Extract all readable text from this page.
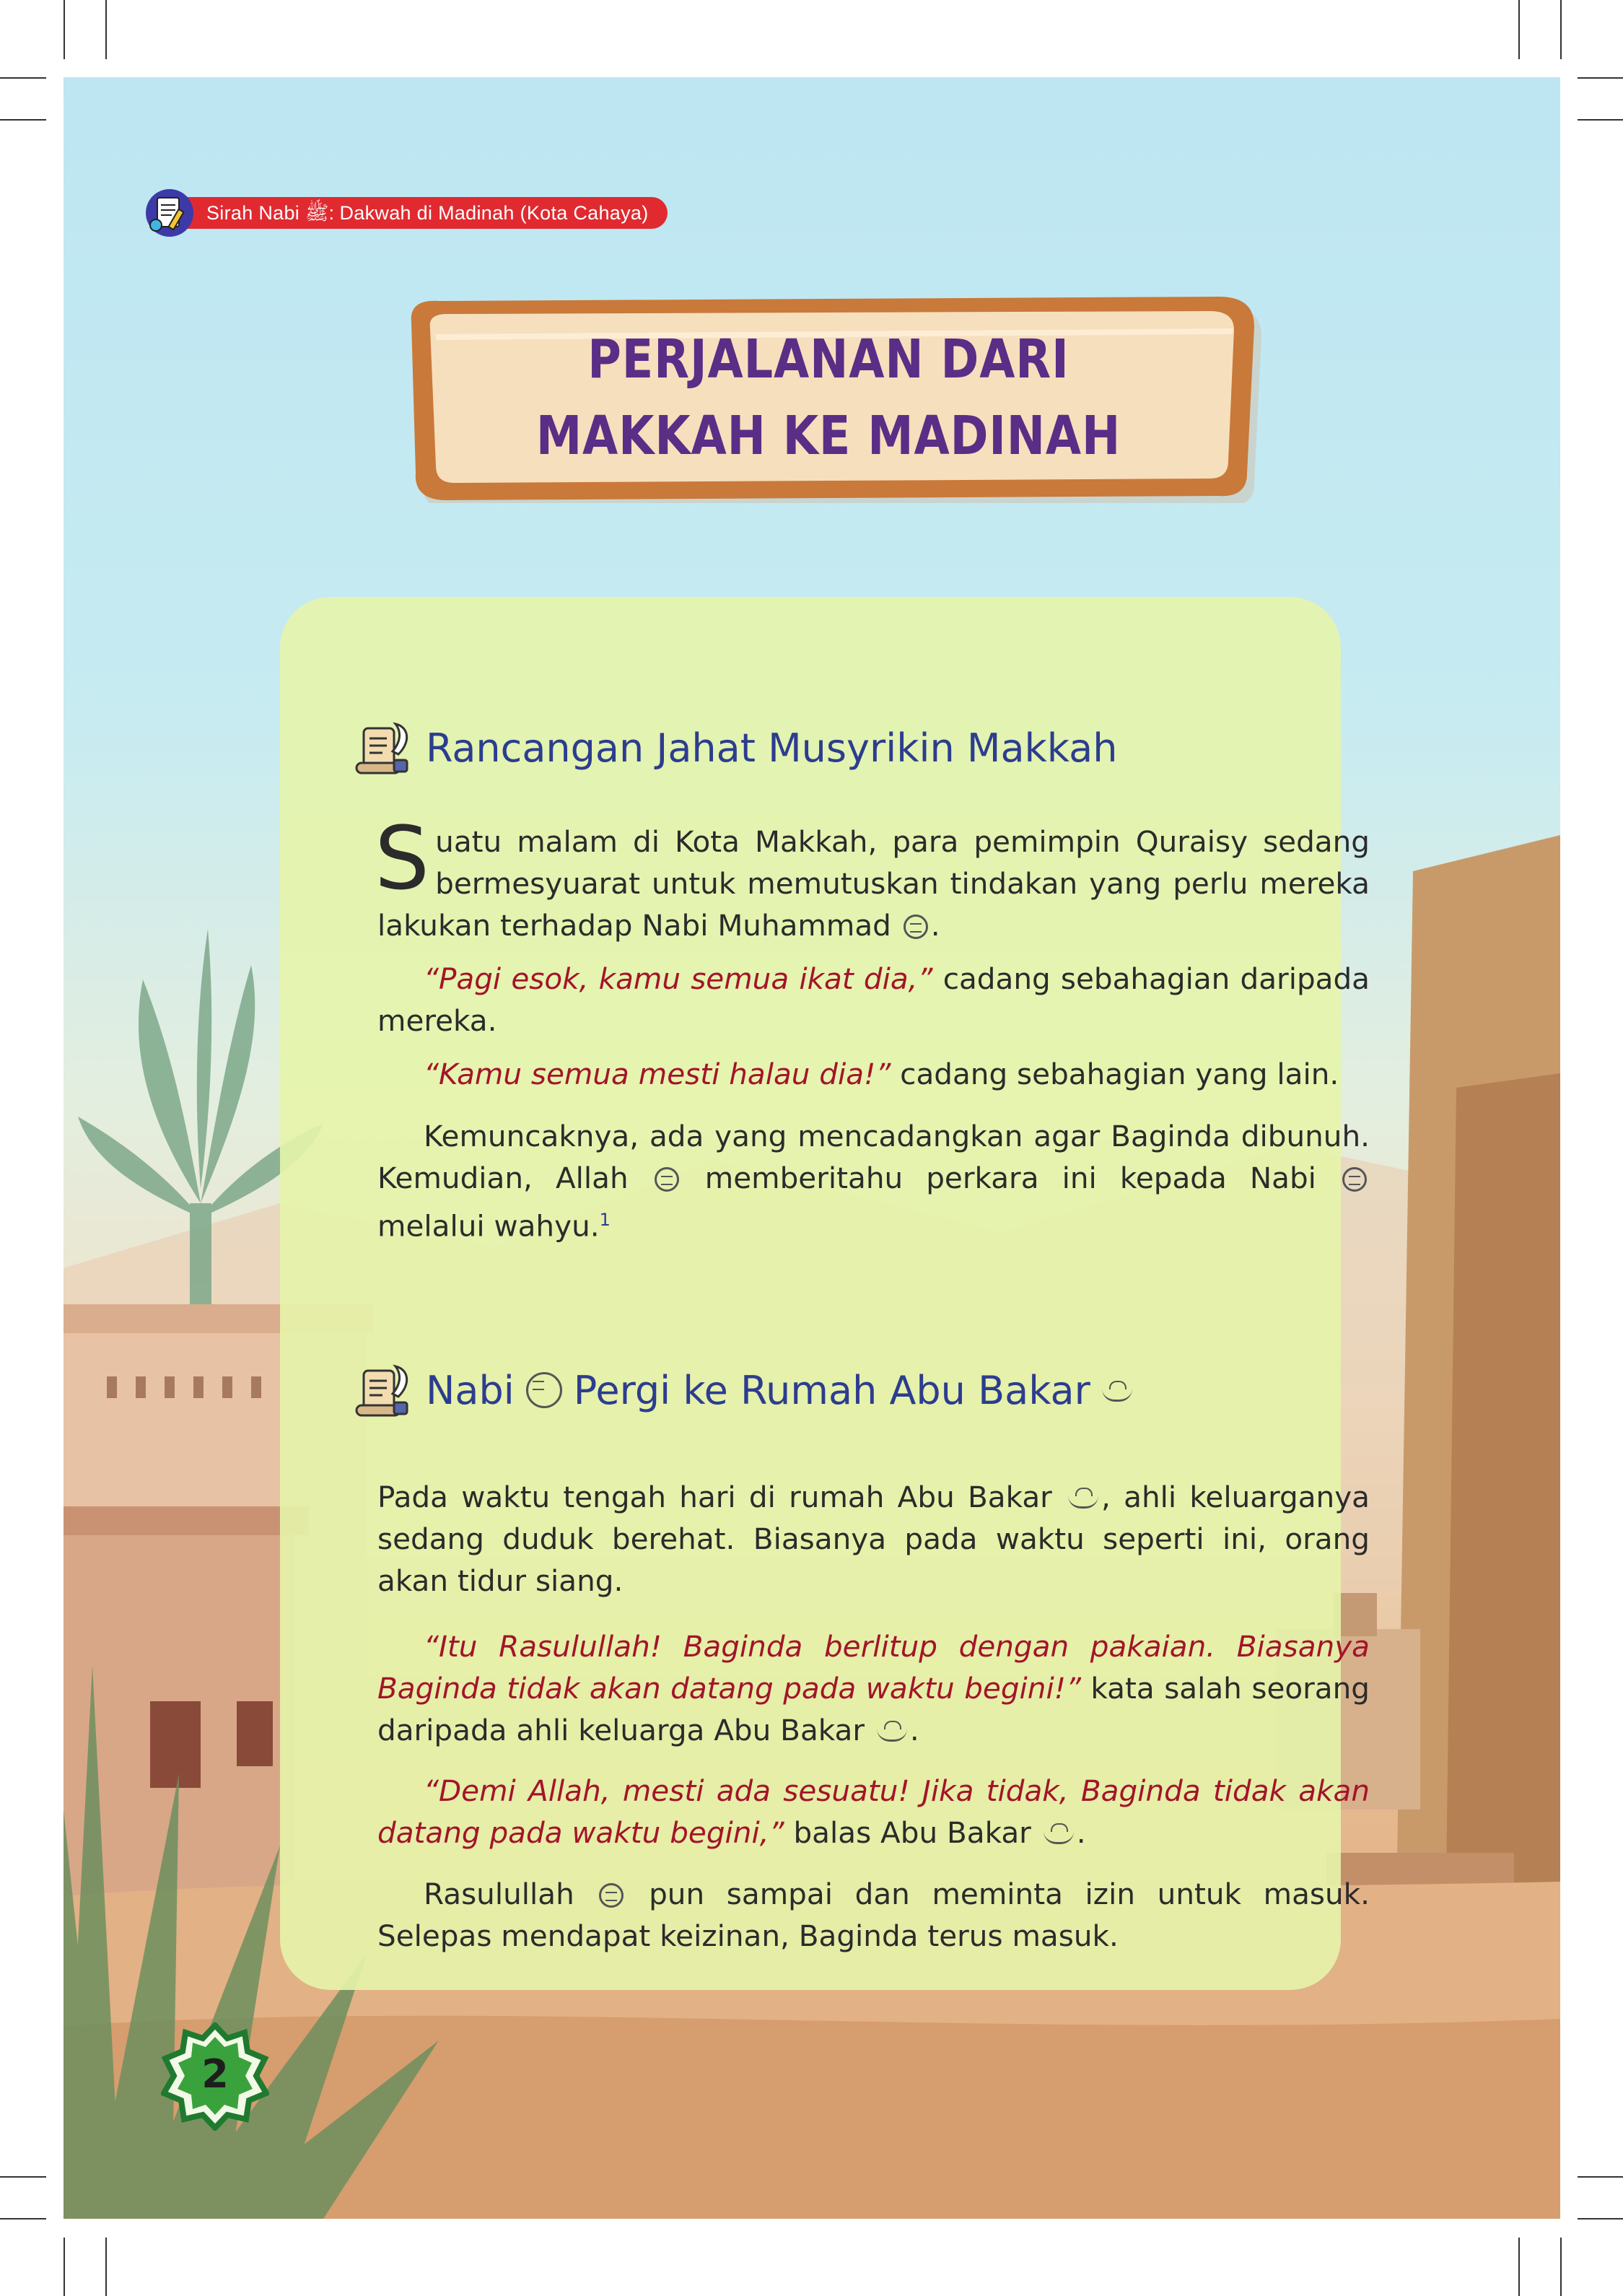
Sirah Nabi ﷺ: Dakwah di Madinah (Kota Cahaya)
PERJALANAN DARI
MAKKAH KE MADINAH
Rancangan Jahat Musyrikin Makkah

Suatu malam di Kota Makkah, para pemimpin Quraisy sedang bermesyuarat untuk memutuskan tindakan yang perlu mereka lakukan terhadap Nabi Muhammad .

“Pagi esok, kamu semua ikat dia,” cadang sebahagian daripada mereka.

“Kamu semua mesti halau dia!” cadang sebahagian yang lain.

Kemuncaknya, ada yang mencadangkan agar Baginda dibunuh. Kemudian, Allah	memberitahu perkara ini kepada Nabi  melalui wahyu.$^1$

Nabi Pergi ke Rumah Abu Bakar

Pada waktu tengah hari di rumah Abu Bakar , ahli keluarganya sedang duduk berehat. Biasanya pada waktu seperti ini, orang akan tidur siang.

“Itu Rasulullah! Baginda berlitup dengan pakaian. Biasanya Baginda tidak akan datang pada waktu begini!” kata salah seorang daripada ahli keluarga Abu Bakar .

“Demi Allah, mesti ada sesuatu! Jika tidak, Baginda tidak akan datang pada waktu begini,” balas Abu Bakar .

Rasulullah	pun sampai dan meminta izin untuk masuk. Selepas mendapat keizinan, Baginda terus masuk.

2
